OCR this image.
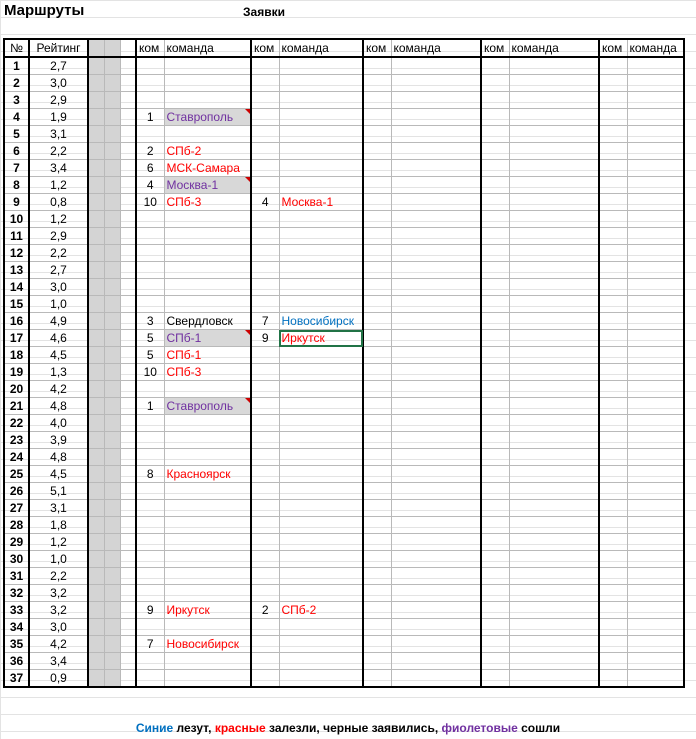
Маршруты	Заявки
№	Рейтинг				ком	команда	ком	команда	ком	команда	ком	команда	ком	команда
1	2,7													
2	3,0													
3	2,9													
4	1,9				1	Ставрополь								
5	3,1													
6	2,2				2	СПб-2								
7	3,4				6	МСК-Самара								
8	1,2				4	Москва-1								
9	0,8				10	СПб-3	4	Москва-1						
10	1,2													
11	2,9													
12	2,2													
13	2,7													
14	3,0													
15	1,0													
16	4,9				3	Свердловск	7	Новосибирск						
17	4,6				5	СПб-1	9	Иркутск						
18	4,5				5	СПб-1								
19	1,3				10	СПб-3								
20	4,2													
21	4,8				1	Ставрополь								
22	4,0													
23	3,9													
24	4,8													
25	4,5				8	Красноярск								
26	5,1													
27	3,1													
28	1,8													
29	1,2													
30	1,0													
31	2,2													
32	3,2													
33	3,2				9	Иркутск	2	СПб-2						
34	3,0													
35	4,2				7	Новосибирск								
36	3,4													
37	0,9													
Синие лезут, красные залезли, черные заявились, фиолетовые сошли
